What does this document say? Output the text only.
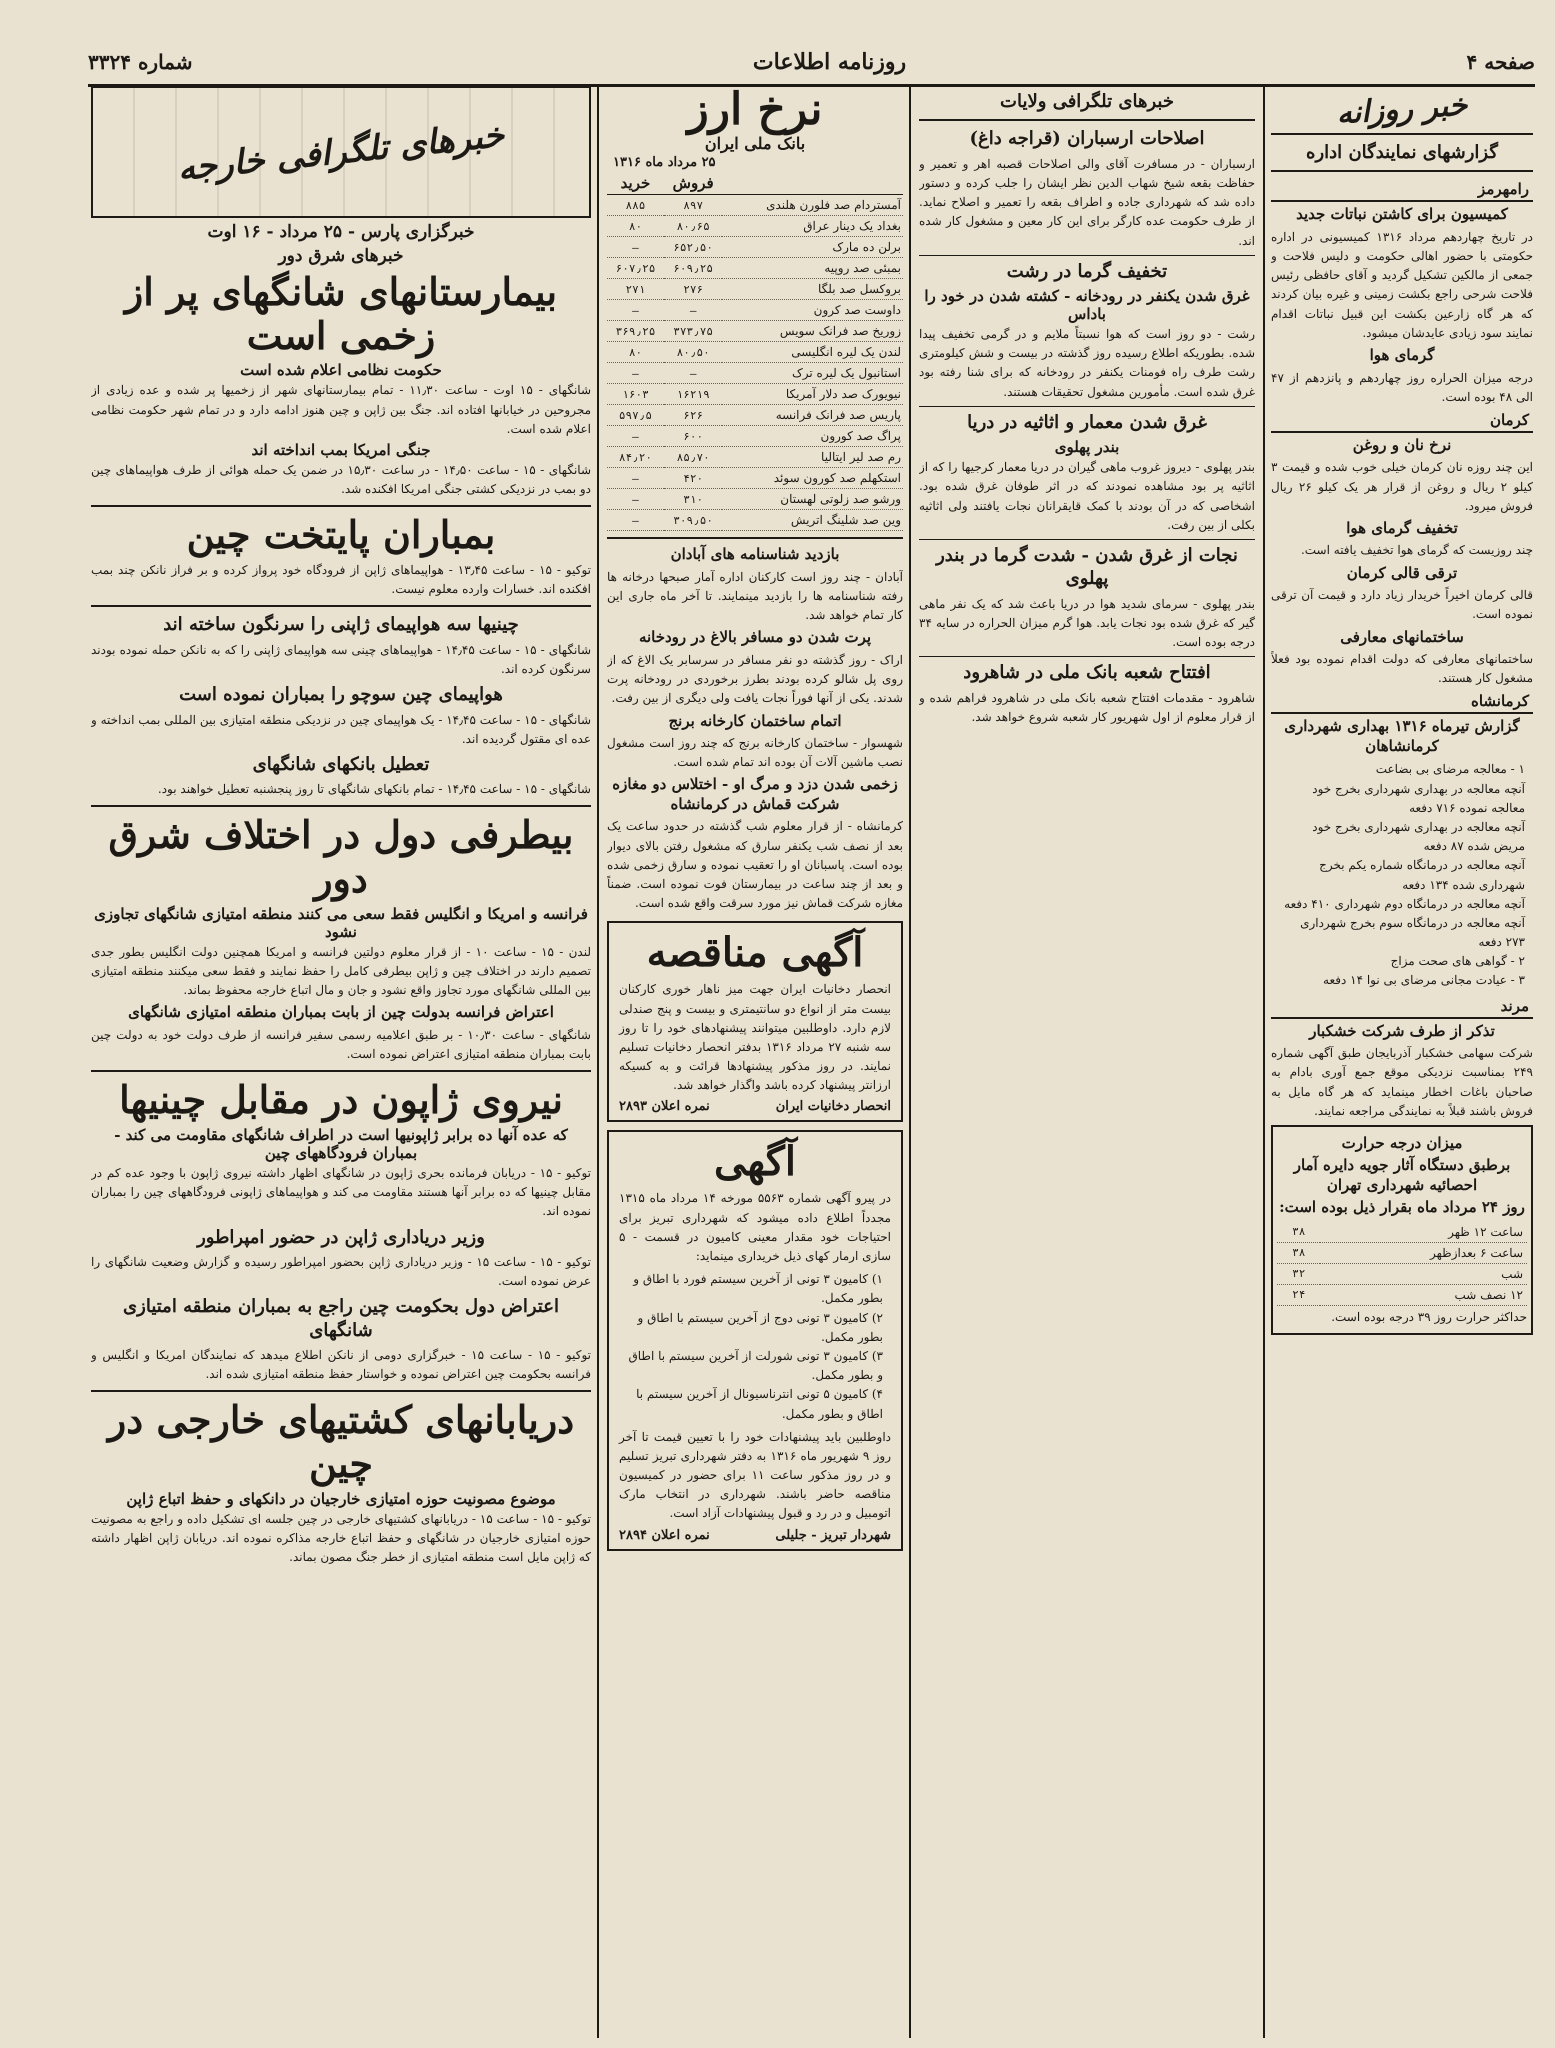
صفحه ۴
روزنامه اطلاعات
شماره ۳۳۲۴
خبر روزانه
گزارشهای نمایندگان اداره
رامهرمز
کمیسیون برای کاشتن نباتات جدید

در تاریخ چهاردهم مرداد ۱۳۱۶ کمیسیونی در اداره حکومتی با حضور اهالی حکومت و دلیس فلاحت و جمعی از مالکین تشکیل گردید و آقای حافظی رئیس فلاحت شرحی راجع بکشت زمینی و غیره بیان کردند که هر گاه زارعین بکشت این قبیل نباتات اقدام نمایند سود زیادی عایدشان میشود.

گرمای هوا

درجه میزان الحراره روز چهاردهم و پانزدهم از ۴۷ الی ۴۸ بوده است.

کرمان
نرخ نان و روغن

این چند روزه نان کرمان خیلی خوب شده و قیمت ۳ کیلو ۲ ریال و روغن از قرار هر یک کیلو ۲۶ ریال فروش میرود.

تخفیف گرمای هوا

چند روزیست که گرمای هوا تخفیف یافته است.

ترقی قالی کرمان

قالی کرمان اخیراً خریدار زیاد دارد و قیمت آن ترقی نموده است.

ساختمانهای معارفی

ساختمانهای معارفی که دولت اقدام نموده بود فعلاً مشغول کار هستند.

کرمانشاه
گزارش تیرماه ۱۳۱۶ بهداری شهرداری کرمانشاهان
۱ - معالجه مرضای بی بضاعت
آنچه معالجه در بهداری شهرداری بخرج خود معالجه نموده ۷۱۶ دفعه
آنچه معالجه در بهداری شهرداری بخرج خود مریض شده ۸۷ دفعه
آنچه معالجه در درمانگاه شماره یکم بخرج شهرداری شده ۱۳۴ دفعه
آنچه معالجه در درمانگاه دوم شهرداری ۴۱۰ دفعه
آنچه معالجه در درمانگاه سوم بخرج شهرداری ۲۷۳ دفعه
۲ - گواهی های صحت مزاج
۳ - عیادت مجانی مرضای بی نوا ۱۴ دفعه
مرند
تذکر از طرف شرکت خشکبار

شرکت سهامی خشکبار آذربایجان طبق آگهی شماره ۲۴۹ بمناسبت نزدیکی موقع جمع آوری بادام به صاحبان باغات اخطار مینماید که هر گاه مایل به فروش باشند قبلاً به نمایندگی مراجعه نمایند.

میزان درجه حرارت
برطبق دستگاه آثار جویه دایره آمار احصائیه شهرداری تهران
روز ۲۴ مرداد ماه بقرار ذیل بوده است:
ساعت ۱۲ ظهر	۳۸
ساعت ۶ بعدازظهر	۳۸
شب	۳۲
۱۲ نصف شب	۲۴

حداکثر حرارت روز ۳۹ درجه بوده است.

خبرهای تلگرافی ولایات
اصلاحات ارسباران (قراجه داغ)

ارسباران - در مسافرت آقای والی اصلاحات قصبه اهر و تعمیر و حفاظت بقعه شیخ شهاب الدین نظر ایشان را جلب کرده و دستور داده شد که شهرداری جاده و اطراف بقعه را تعمیر و اصلاح نماید. از طرف حکومت عده کارگر برای این کار معین و مشغول کار شده اند.

تخفیف گرما در رشت
غرق شدن یکنفر در رودخانه - کشته شدن در خود را باداس

رشت - دو روز است که هوا نسبتاً ملایم و در گرمی تخفیف پیدا شده. بطوریکه اطلاع رسیده روز گذشته در بیست و شش کیلومتری رشت طرف راه فومنات یکنفر در رودخانه که برای شنا رفته بود غرق شده است. مأمورین مشغول تحقیقات هستند.

غرق شدن معمار و اثاثیه در دریا
بندر پهلوی

بندر پهلوی - دیروز غروب ماهی گیران در دریا معمار کرجیها را که از اثاثیه پر بود مشاهده نمودند که در اثر طوفان غرق شده بود. اشخاصی که در آن بودند با کمک قایقرانان نجات یافتند ولی اثاثیه بکلی از بین رفت.

نجات از غرق شدن - شدت گرما در بندر پهلوی

بندر پهلوی - سرمای شدید هوا در دریا باعث شد که یک نفر ماهی گیر که غرق شده بود نجات یابد. هوا گرم میزان الحراره در سایه ۳۴ درجه بوده است.

افتتاح شعبه بانک ملی در شاهرود

شاهرود - مقدمات افتتاح شعبه بانک ملی در شاهرود فراهم شده و از قرار معلوم از اول شهریور کار شعبه شروع خواهد شد.

نرخ ارز
بانک ملی ایران
۲۵ مرداد ماه ۱۳۱۶
	فروش	خرید
آمستردام صد فلورن هلندی	۸۹۷	۸۸۵
بغداد یک دینار عراق	۸۰٫۶۵	۸۰
برلن ده مارک	۶۵۲٫۵۰	—
بمبئی صد روپیه	۶۰۹٫۲۵	۶۰۷٫۲۵
بروکسل صد بلگا	۲۷۶	۲۷۱
داوست صد کرون	—	—
زوریخ صد فرانک سویس	۳۷۳٫۷۵	۳۶۹٫۲۵
لندن یک لیره انگلیسی	۸۰٫۵۰	۸۰
استانبول یک لیره ترک	—	—
نیویورک صد دلار آمریکا	۱۶۲۱۹	۱۶۰۳
پاریس صد فرانک فرانسه	۶۲۶	۵۹۷٫۵
پراگ صد کورون	۶۰۰	—
رم صد لیر ایتالیا	۸۵٫۷۰	۸۴٫۲۰
استکهلم صد کورون سوئد	۴۲۰	—
ورشو صد زلوتی لهستان	۳۱۰	—
وین صد شلینگ اتریش	۳۰۹٫۵۰	—
بازدید شناسنامه های آبادان

آبادان - چند روز است کارکنان اداره آمار صبحها درخانه ها رفته شناسنامه ها را بازدید مینمایند. تا آخر ماه جاری این کار تمام خواهد شد.

پرت شدن دو مسافر بالاغ در رودخانه

اراک - روز گذشته دو نفر مسافر در سرسابر یک الاغ که از روی پل شالو کرده بودند بطرز برخوردی در رودخانه پرت شدند. یکی از آنها فوراً نجات یافت ولی دیگری از بین رفت.

اتمام ساختمان کارخانه برنج

شهسوار - ساختمان کارخانه برنج که چند روز است مشغول نصب ماشین آلات آن بوده اند تمام شده است.

زخمی شدن دزد و مرگ او - اختلاس دو مغازه شرکت قماش در کرمانشاه

کرمانشاه - از قرار معلوم شب گذشته در حدود ساعت یک بعد از نصف شب یکنفر سارق که مشغول رفتن بالای دیوار بوده است. پاسبانان او را تعقیب نموده و سارق زخمی شده و بعد از چند ساعت در بیمارستان فوت نموده است. ضمناً مغازه شرکت قماش نیز مورد سرقت واقع شده است.

آگهی مناقصه

انحصار دخانیات ایران جهت میز ناهار خوری کارکنان بیست متر از انواع دو سانتیمتری و بیست و پنج صندلی لازم دارد. داوطلبین میتوانند پیشنهادهای خود را تا روز سه شنبه ۲۷ مرداد ۱۳۱۶ بدفتر انحصار دخانیات تسلیم نمایند. در روز مذکور پیشنهادها قرائت و به کسیکه ارزانتر پیشنهاد کرده باشد واگذار خواهد شد.

انحصار دخانیات ایران
نمره اعلان ۲۸۹۳
آگهی

در پیرو آگهی شماره ۵۵۶۳ مورخه ۱۴ مرداد ماه ۱۳۱۵ مجدداً اطلاع داده میشود که شهرداری تبریز برای احتیاجات خود مقدار معینی کامیون در قسمت - ۵ سازی ارمار کهای ذیل خریداری مینماید:

۱) کامیون ۳ تونی از آخرین سیستم فورد با اطاق و بطور مکمل.
۲) کامیون ۳ تونی دوج از آخرین سیستم با اطاق و بطور مکمل.
۳) کامیون ۳ تونی شورلت از آخرین سیستم با اطاق و بطور مکمل.
۴) کامیون ۵ تونی انترناسیونال از آخرین سیستم با اطاق و بطور مکمل.

داوطلبین باید پیشنهادات خود را با تعیین قیمت تا آخر روز ۹ شهریور ماه ۱۳۱۶ به دفتر شهرداری تبریز تسلیم و در روز مذکور ساعت ۱۱ برای حضور در کمیسیون مناقصه حاضر باشند. شهرداری در انتخاب مارک اتومبیل و در رد و قبول پیشنهادات آزاد است.

شهردار تبریز - جلیلی
نمره اعلان ۲۸۹۴
خبرهای تلگرافی خارجه
خبرگزاری پارس - ۲۵ مرداد - ۱۶ اوت
خبرهای شرق دور
بیمارستانهای شانگهای پر از زخمی است
حکومت نظامی اعلام شده است

شانگهای - ۱۵ اوت - ساعت ۱۱٫۳۰ - تمام بیمارستانهای شهر از زخمیها پر شده و عده زیادی از مجروحین در خیابانها افتاده اند. جنگ بین ژاپن و چین هنوز ادامه دارد و در تمام شهر حکومت نظامی اعلام شده است.

جنگی امریکا بمب انداخته اند

شانگهای - ۱۵ - ساعت ۱۴٫۵۰ - در ساعت ۱۵٫۳۰ در ضمن یک حمله هوائی از طرف هواپیماهای چین دو بمب در نزدیکی کشتی جنگی امریکا افکنده شد.

بمباران پایتخت چین

توکیو - ۱۵ - ساعت ۱۳٫۴۵ - هواپیماهای ژاپن از فرودگاه خود پرواز کرده و بر فراز نانکن چند بمب افکنده اند. خسارات وارده معلوم نیست.

چینیها سه هواپیمای ژاپنی را سرنگون ساخته اند

شانگهای - ۱۵ - ساعت ۱۴٫۴۵ - هواپیماهای چینی سه هواپیمای ژاپنی را که به نانکن حمله نموده بودند سرنگون کرده اند.

هواپیمای چین سوچو را بمباران نموده است

شانگهای - ۱۵ - ساعت ۱۴٫۴۵ - یک هواپیمای چین در نزدیکی منطقه امتیازی بین المللی بمب انداخته و عده ای مقتول گردیده اند.

تعطیل بانکهای شانگهای

شانگهای - ۱۵ - ساعت ۱۴٫۴۵ - تمام بانکهای شانگهای تا روز پنجشنبه تعطیل خواهند بود.

بیطرفی دول در اختلاف شرق دور
فرانسه و امریکا و انگلیس فقط سعی می کنند منطقه امتیازی شانگهای تجاوزی نشود

لندن - ۱۵ - ساعت ۱۰ - از قرار معلوم دولتین فرانسه و امریکا همچنین دولت انگلیس بطور جدی تصمیم دارند در اختلاف چین و ژاپن بیطرفی کامل را حفظ نمایند و فقط سعی میکنند منطقه امتیازی بین المللی شانگهای مورد تجاوز واقع نشود و جان و مال اتباع خارجه محفوظ بماند.

اعتراض فرانسه بدولت چین از بابت بمباران منطقه امتیازی شانگهای

شانگهای - ساعت ۱۰٫۳۰ - بر طبق اعلامیه رسمی سفیر فرانسه از طرف دولت خود به دولت چین بابت بمباران منطقه امتیازی اعتراض نموده است.

نیروی ژاپون در مقابل چینیها
که عده آنها ده برابر ژاپونیها است در اطراف شانگهای مقاومت می کند - بمباران فرودگاههای چین

توکیو - ۱۵ - دریابان فرمانده بحری ژاپون در شانگهای اظهار داشته نیروی ژاپون با وجود عده کم در مقابل چینیها که ده برابر آنها هستند مقاومت می کند و هواپیماهای ژاپونی فرودگاههای چین را بمباران نموده اند.

وزیر دریاداری ژاپن در حضور امپراطور

توکیو - ۱۵ - ساعت ۱۵ - وزیر دریاداری ژاپن بحضور امپراطور رسیده و گزارش وضعیت شانگهای را عرض نموده است.

اعتراض دول بحکومت چین راجع به بمباران منطقه امتیازی شانگهای

توکیو - ۱۵ - ساعت ۱۵ - خبرگزاری دومی از نانکن اطلاع میدهد که نمایندگان امریکا و انگلیس و فرانسه بحکومت چین اعتراض نموده و خواستار حفظ منطقه امتیازی شده اند.

دریابانهای کشتیهای خارجی در چین
موضوع مصونیت حوزه امتیازی خارجیان در دانکهای و حفظ اتباع ژاپن

توکیو - ۱۵ - ساعت ۱۵ - دریابانهای کشتیهای خارجی در چین جلسه ای تشکیل داده و راجع به مصونیت حوزه امتیازی خارجیان در شانگهای و حفظ اتباع خارجه مذاکره نموده اند. دریابان ژاپن اظهار داشته که ژاپن مایل است منطقه امتیازی از خطر جنگ مصون بماند.
